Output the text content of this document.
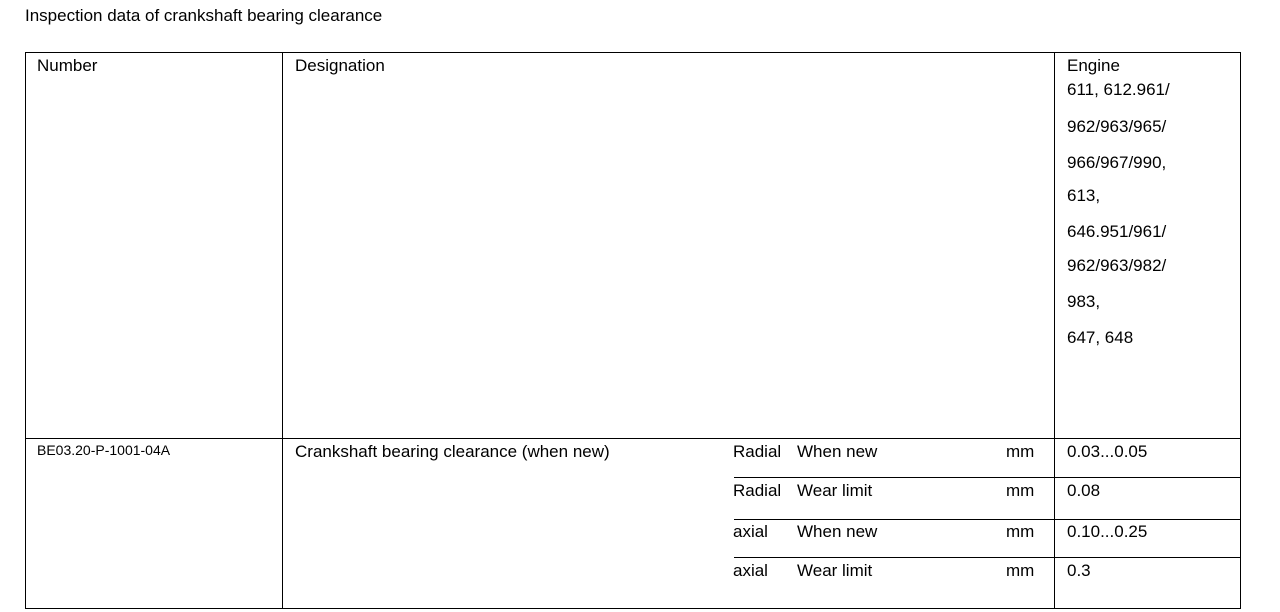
Inspection data of crankshaft bearing clearance
Number	Designation	Engine
611, 612.961/
962/963/965/
966/967/990,
613,
646.951/961/
962/963/982/
983,
647, 648
BE03.20-P-1001-04A	Crankshaft bearing clearance (when new)	Radial When new	mm 0.03...0.05
Radial Wear limit	mm 0.08
axial When new	mm 0.10...0.25
axial Wear limit	mm 0.3
